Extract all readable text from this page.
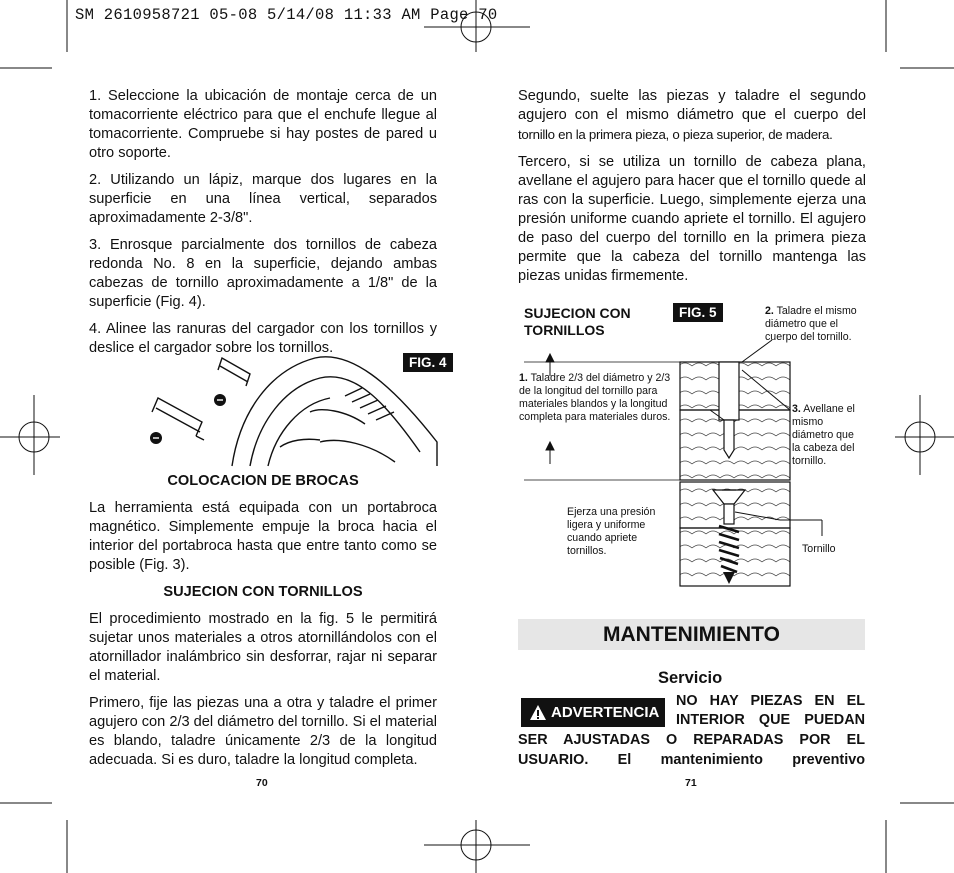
SM 2610958721 05-08 5/14/08 11:33 AM Page 70

1. Seleccione la ubicación de montaje cerca de un tomacorriente eléctrico para que el enchufe llegue al tomacorriente. Compruebe si hay postes de pared u otro soporte.

2. Utilizando un lápiz, marque dos lugares en la superficie en una línea vertical, separados aproximadamente 2-3/8".

3. Enrosque parcialmente dos tornillos de cabeza redonda No. 8 en la superficie, dejando ambas cabezas de tornillo aproximadamente a 1/8" de la superficie (Fig. 4).

4. Alinee las ranuras del cargador con los tornillos y deslice el cargador sobre los tornillos.

FIG. 4

COLOCACION DE BROCAS

La herramienta está equipada con un portabroca magnético. Simplemente empuje la broca hacia el interior del portabroca hasta que entre tanto como se posible (Fig. 3).

SUJECION CON TORNILLOS

El procedimiento mostrado en la fig. 5 le permitirá sujetar unos materiales a otros atornillándolos con el atornillador inalámbrico sin desforrar, rajar ni separar el material.

Primero, fije las piezas una a otra y taladre el primer agujero con 2/3 del diámetro del tornillo. Si el material es blando, taladre únicamente 2/3 de la longitud adecuada. Si es duro, taladre la longitud completa.

70

Segundo, suelte las piezas y taladre el segundo agujero con el mismo diámetro que el cuerpo del tornillo en la primera pieza, o pieza superior, de madera.

Tercero, si se utiliza un tornillo de cabeza plana, avellane el agujero para hacer que el tornillo quede al ras con la superficie. Luego, simplemente ejerza una presión uniforme cuando apriete el tornillo. El agujero de paso del cuerpo del tornillo en la primera pieza permite que la cabeza del tornillo mantenga las piezas unidas firmemente.

SUJECION CON TORNILLOS
FIG. 5
1. Taladre 2/3 del diámetro y 2/3 de la longitud del tornillo para materiales blandos y la longitud completa para materiales duros.
2. Taladre el mismo diámetro que el cuerpo del tornillo.
3. Avellane el mismo diámetro que la cabeza del tornillo.
Ejerza una presión ligera y uniforme cuando apriete tornillos.	Tornillo
MANTENIMIENTO
Servicio
ADVERTENCIA
NO HAY PIEZAS EN EL
INTERIOR QUE PUEDAN
SER AJUSTADAS O REPARADAS POR EL
USUARIO. El mantenimiento preventivo
71
